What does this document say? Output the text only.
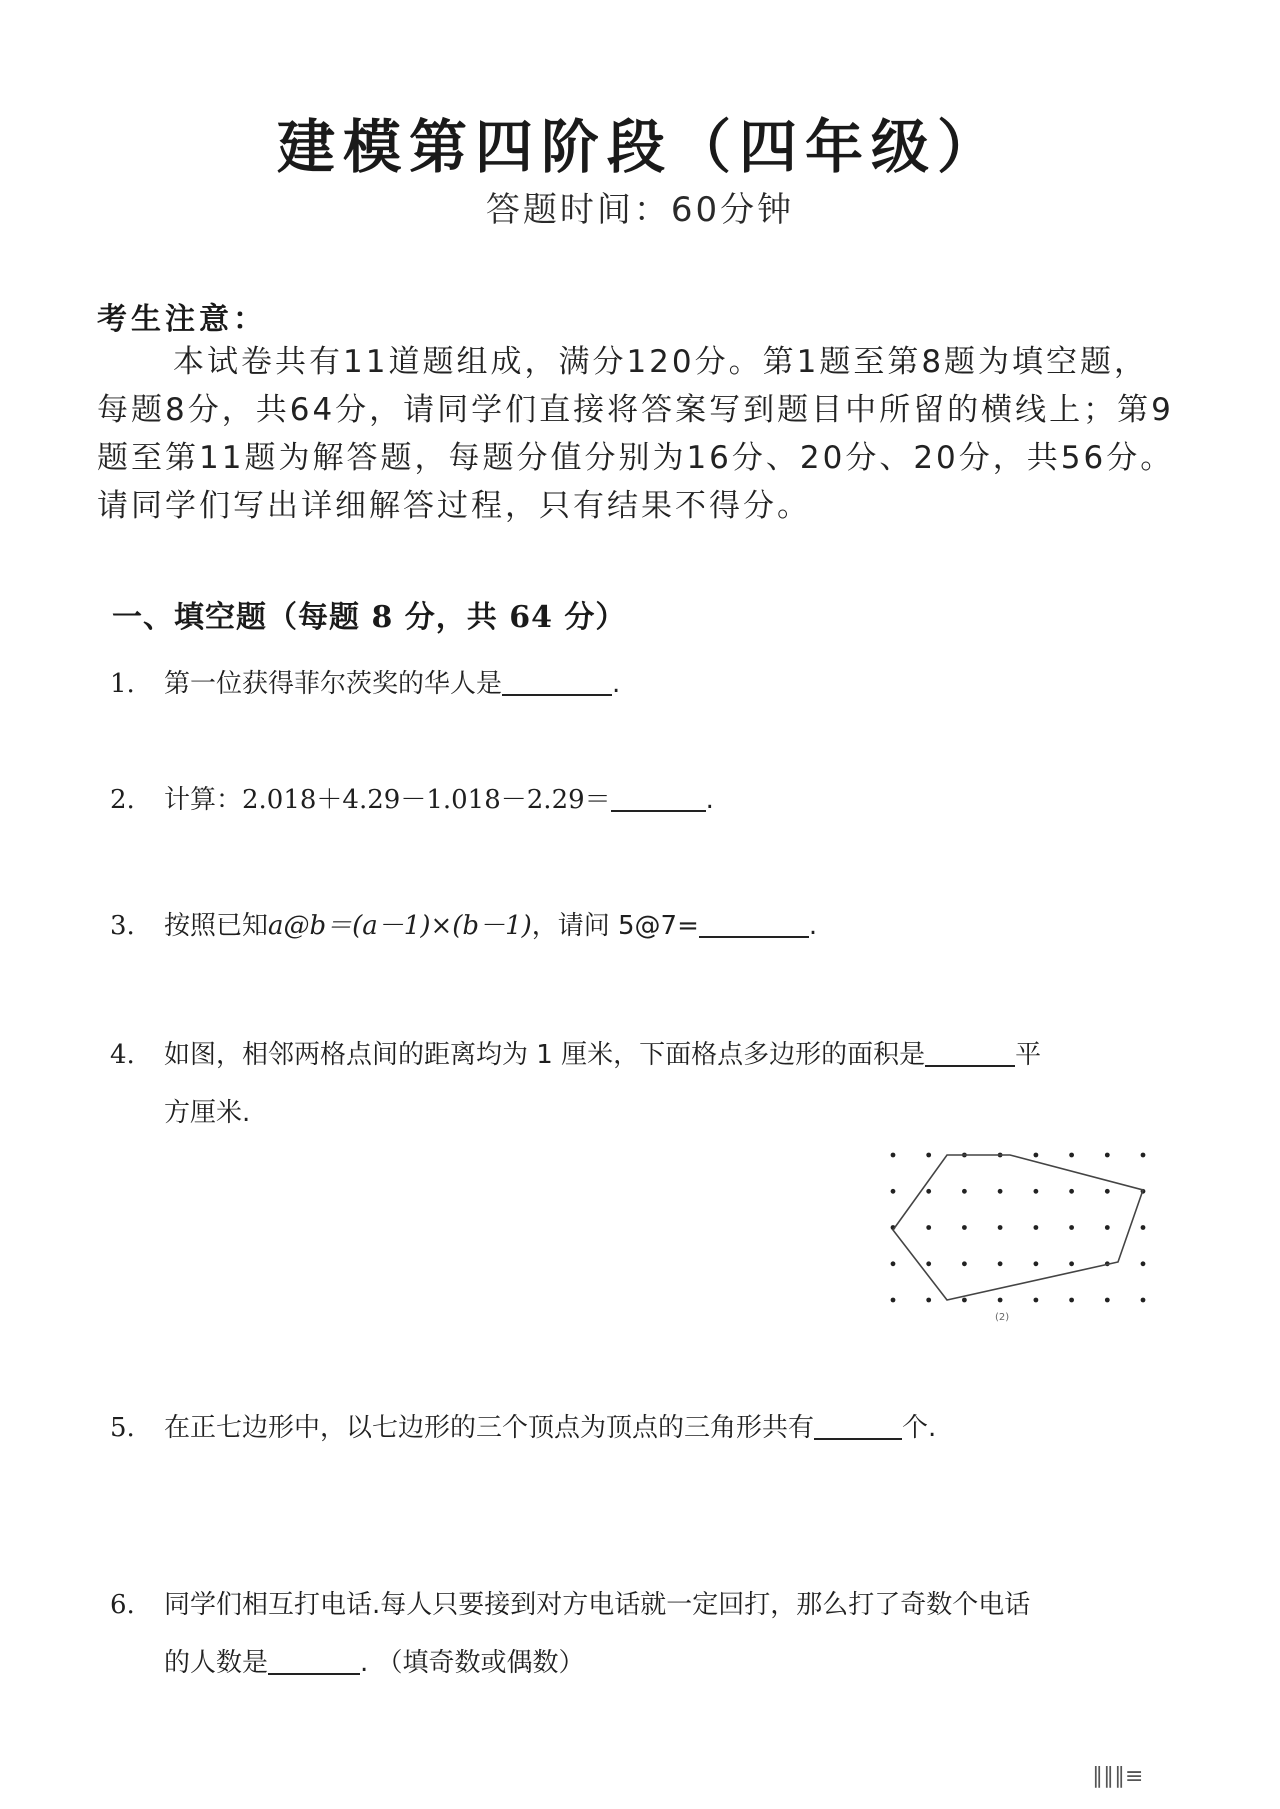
建模第四阶段（四年级）
答题时间：60分钟
考生注意：
本试卷共有11道题组成，满分120分。第1题至第8题为填空题，每题8分，共64分，请同学们直接将答案写到题目中所留的横线上；第9题至第11题为解答题，每题分值分别为16分、20分、20分，共56分。请同学们写出详细解答过程，只有结果不得分。
一、填空题（每题 8 分，共 64 分）
1. 第一位获得菲尔茨奖的华人是	.
2. 计算：2.018＋4.29－1.018－2.29＝	.
3. 按照已知a@b＝(a－1)×(b－1)，请问 5@7=	.
4. 如图，相邻两格点间的距离均为 1 厘米，下面格点多边形的面积是	平
方厘米.
(2)
5. 在正七边形中，以七边形的三个顶点为顶点的三角形共有	个.
6. 同学们相互打电话.每人只要接到对方电话就一定回打，那么打了奇数个电话
的人数是	. （填奇数或偶数）
∥∥∥≡
